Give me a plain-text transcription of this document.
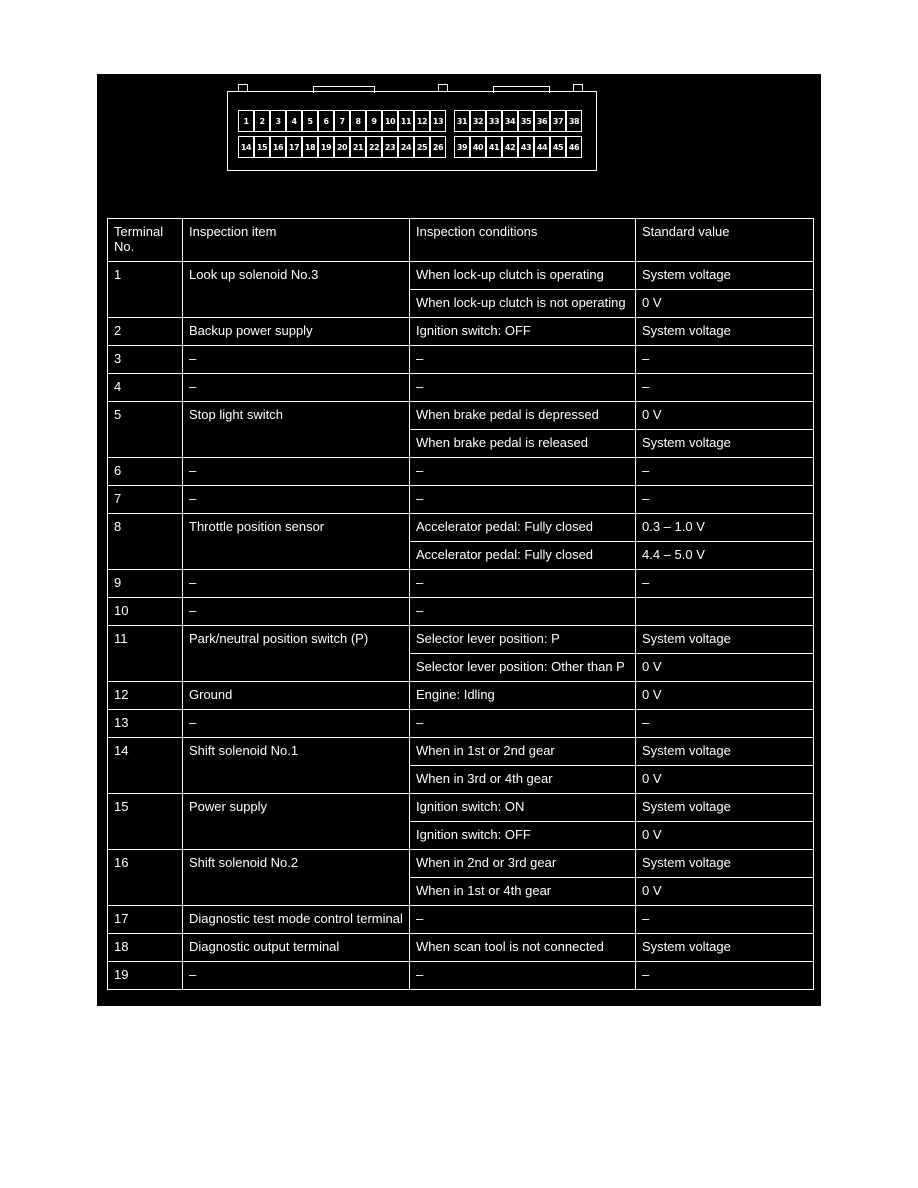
1	2	3	4	5	6	7	8	9	10 11 12 13	31 32 33 34 35 36 37 38
14 15 16 17 18 19 20 21 22 23 24 25 26	39 40 41 42 43 44 45 46
Terminal No.	Inspection item	Inspection conditions	Standard value
1	Look up solenoid No.3	When lock-up clutch is operating	System voltage
		When lock-up clutch is not operating	0 V
2	Backup power supply	Ignition switch: OFF	System voltage
3	–	–	–
4	–	–	–
5	Stop light switch	When brake pedal is depressed	0 V
		When brake pedal is released	System voltage
6	–	–	–
7	–	–	–
8	Throttle position sensor	Accelerator pedal: Fully closed	0.3 – 1.0 V
		Accelerator pedal: Fully closed	4.4 – 5.0 V
9	–	–	–
10	–	–	
11	Park/neutral position switch (P)	Selector lever position: P	System voltage
		Selector lever position: Other than P	0 V
12	Ground	Engine: Idling	0 V
13	–	–	–
14	Shift solenoid No.1	When in 1st or 2nd gear	System voltage
		When in 3rd or 4th gear	0 V
15	Power supply	Ignition switch: ON	System voltage
		Ignition switch: OFF	0 V
16	Shift solenoid No.2	When in 2nd or 3rd gear	System voltage
		When in 1st or 4th gear	0 V
17	Diagnostic test mode control terminal	–	–
18	Diagnostic output terminal	When scan tool is not connected	System voltage
19	–	–	–
